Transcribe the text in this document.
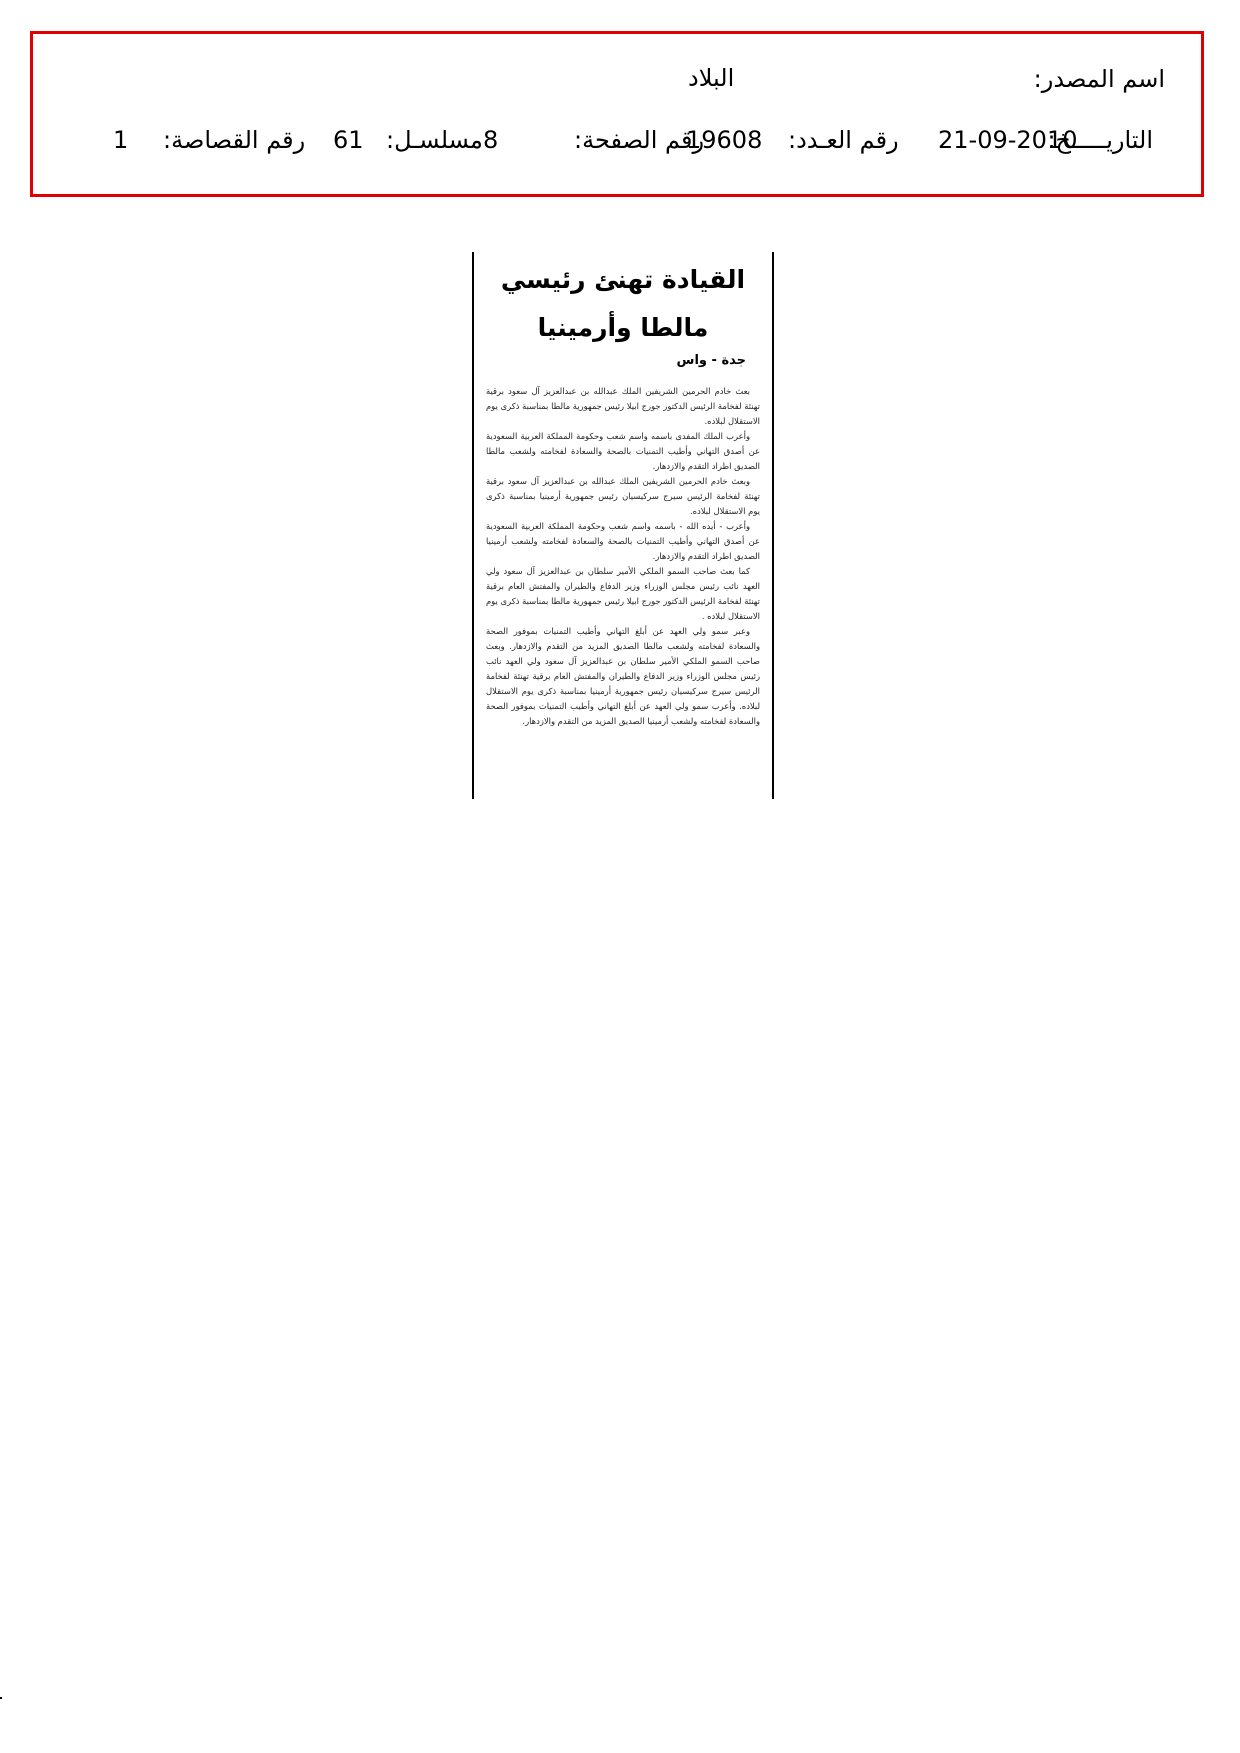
اسم المصدر:
البلاد
التاريـــــخ:
21-09-2010
رقم العـدد:
19608
رقم الصفحة:
8
مسلسـل:
61
رقم القصاصة:
1
القيادة تهنئ رئيسي مالطا وأرمينيا
جدة - واس

بعث خادم الحرمين الشريفين الملك عبدالله بن عبدالعزيز آل سعود برقية تهنئة لفخامة الرئيس الدكتور جورج ابيلا رئيس جمهورية مالطا بمناسبة ذكرى يوم الاستقلال لبلاده.

وأعرب الملك المفدى باسمه واسم شعب وحكومة المملكة العربية السعودية عن أصدق التهاني وأطيب التمنيات بالصحة والسعادة لفخامته ولشعب مالطا الصديق اطراد التقدم والازدهار.

وبعث خادم الحرمين الشريفين الملك عبدالله بن عبدالعزيز آل سعود برقية تهنئة لفخامة الرئيس سيرج سركيسيان رئيس جمهورية أرمينيا بمناسبة ذكرى يوم الاستقلال لبلاده.

وأعرب - أيده الله - باسمه واسم شعب وحكومة المملكة العربية السعودية عن أصدق التهاني وأطيب التمنيات بالصحة والسعادة لفخامته ولشعب أرمينيا الصديق اطراد التقدم والازدهار.

كما بعث صاحب السمو الملكي الأمير سلطان بن عبدالعزيز آل سعود ولي العهد نائب رئيس مجلس الوزراء وزير الدفاع والطيران والمفتش العام برقية تهنئة لفخامة الرئيس الدكتور جورج ابيلا رئيس جمهورية مالطا بمناسبة ذكرى يوم الاستقلال لبلاده .

وعبر سمو ولي العهد عن أبلغ التهاني وأطيب التمنيات بموفور الصحة والسعادة لفخامته ولشعب مالطا الصديق المزيد من التقدم والازدهار. وبعث صاحب السمو الملكي الأمير سلطان بن عبدالعزيز آل سعود ولي العهد نائب رئيس مجلس الوزراء وزير الدفاع والطيران والمفتش العام برقية تهنئة لفخامة الرئيس سيرج سركيسيان رئيس جمهورية أرمينيا بمناسبة ذكرى يوم الاستقلال لبلاده. وأعرب سمو ولي العهد عن أبلغ التهاني وأطيب التمنيات بموفور الصحة والسعادة لفخامته ولشعب أرمينيا الصديق المزيد من التقدم والازدهار.
